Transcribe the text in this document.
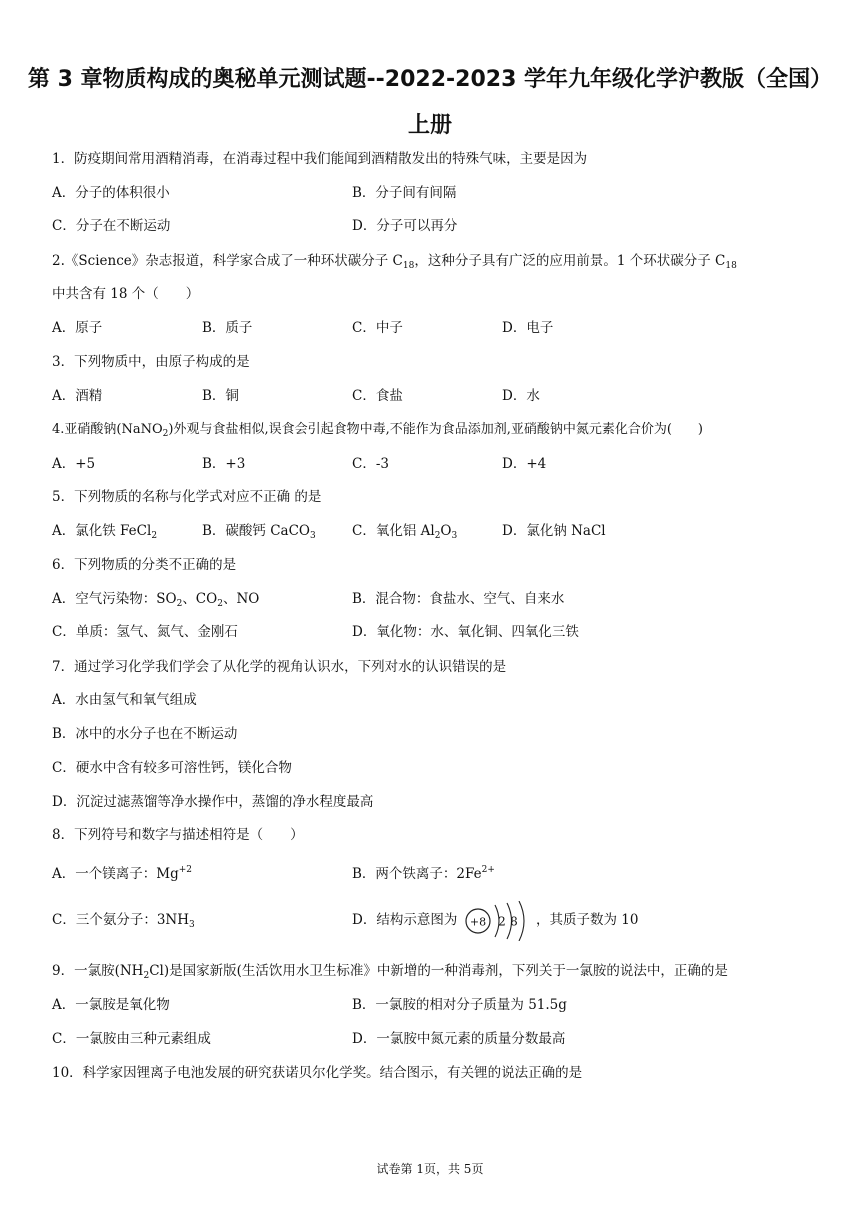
第 3 章物质构成的奥秘单元测试题--2022-2023 学年九年级化学沪教版（全国）
上册
1．防疫期间常用酒精消毒，在消毒过程中我们能闻到酒精散发出的特殊气味，主要是因为
A．分子的体积很小	B．分子间有间隔
C．分子在不断运动	D．分子可以再分
2.《Science》杂志报道，科学家合成了一种环状碳分子 $C_{18}$，这种分子具有广泛的应用前景。1 个环状碳分子 $C_{18}$
中共含有 18 个（　　）
A．原子	B．质子	C．中子	D．电子
3．下列物质中，由原子构成的是
A．酒精	B．铜	C．食盐	D．水
4.亚硝酸钠(NaNO$_2$)外观与食盐相似,误食会引起食物中毒,不能作为食品添加剂,亚硝酸钠中氮元素化合价为(　　)
A．+5	B．+3	C．-3	D．+4
5．下列物质的名称与化学式对应不正确 的是
A．氯化铁 FeCl$_2$	B．碳酸钙 CaCO$_3$	C．氧化铝 $Al_2O_3$	D．氯化钠 NaCl
6．下列物质的分类不正确的是
A．空气污染物：$SO_2$、$CO_2$、NO	B．混合物：食盐水、空气、自来水
C．单质：氢气、氮气、金刚石	D．氧化物：水、氧化铜、四氧化三铁
7．通过学习化学我们学会了从化学的视角认识水，下列对水的认识错误的是
A．水由氢气和氧气组成
B．冰中的水分子也在不断运动
C．硬水中含有较多可溶性钙，镁化合物
D．沉淀过滤蒸馏等净水操作中，蒸馏的净水程度最高
8．下列符号和数字与描述相符是（　　）
A．一个镁离子：$Mg^{+2}$	B．两个铁离子：$2Fe^{2+}$
C．三个氨分子：$3NH_3$	D．结构示意图为 +8 2 8 ，其质子数为 10
9．一氯胺$(NH_2Cl)$是国家新版(生活饮用水卫生标准》中新增的一种消毒剂，下列关于一氯胺的说法中，正确的是
A．一氯胺是氧化物	B．一氯胺的相对分子质量为 51.5g
C．一氯胺由三种元素组成	D．一氯胺中氮元素的质量分数最高
10．科学家因锂离子电池发展的研究获诺贝尔化学奖。结合图示，有关锂的说法正确的是
试卷第 1页，共 5页
